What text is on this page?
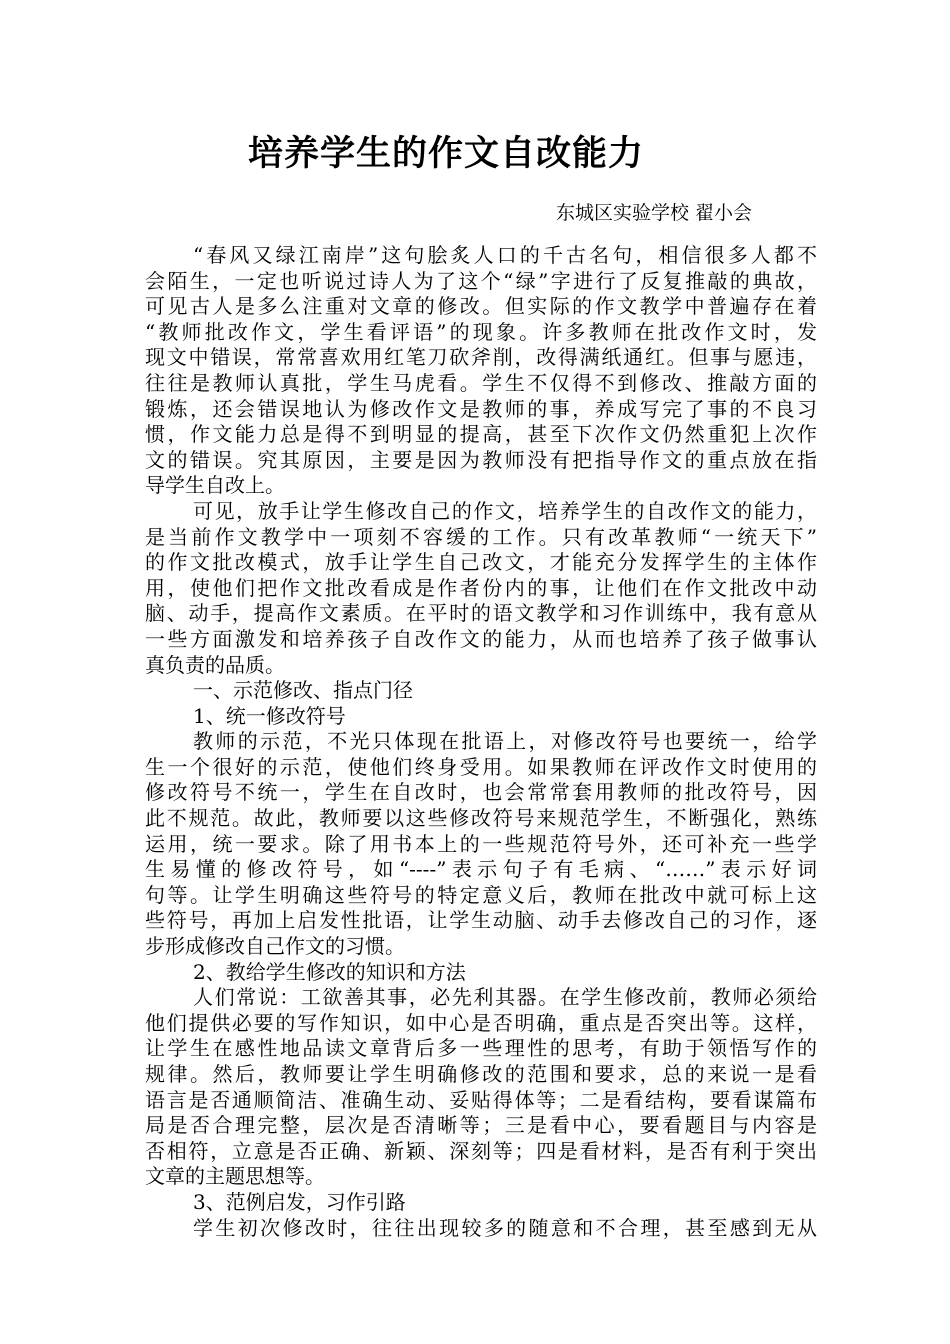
培养学生的作文自改能力

东城区实验学校 翟小会

“春风又绿江南岸”这句脍炙人口的千古名句，相信很多人都不
会陌生，一定也听说过诗人为了这个“绿”字进行了反复推敲的典故，
可见古人是多么注重对文章的修改。但实际的作文教学中普遍存在着
“教师批改作文，学生看评语”的现象。许多教师在批改作文时，发
现文中错误，常常喜欢用红笔刀砍斧削，改得满纸通红。但事与愿违，
往往是教师认真批，学生马虎看。学生不仅得不到修改、推敲方面的
锻炼，还会错误地认为修改作文是教师的事，养成写完了事的不良习
惯，作文能力总是得不到明显的提高，甚至下次作文仍然重犯上次作
文的错误。究其原因，主要是因为教师没有把指导作文的重点放在指
导学生自改上。
可见，放手让学生修改自己的作文，培养学生的自改作文的能力，
是当前作文教学中一项刻不容缓的工作。只有改革教师“一统天下”
的作文批改模式，放手让学生自己改文，才能充分发挥学生的主体作
用，使他们把作文批改看成是作者份内的事，让他们在作文批改中动
脑、动手，提高作文素质。在平时的语文教学和习作训练中，我有意从
一些方面激发和培养孩子自改作文的能力，从而也培养了孩子做事认
真负责的品质。
一、示范修改、指点门径
1、统一修改符号
教师的示范，不光只体现在批语上，对修改符号也要统一，给学
生一个很好的示范，使他们终身受用。如果教师在评改作文时使用的
修改符号不统一，学生在自改时，也会常常套用教师的批改符号，因
此不规范。故此，教师要以这些修改符号来规范学生，不断强化，熟练
运用，统一要求。除了用书本上的一些规范符号外，还可补充一些学
生易懂的修改符号，如“----”表示句子有毛病、“……”表示好词
句等。让学生明确这些符号的特定意义后，教师在批改中就可标上这
些符号，再加上启发性批语，让学生动脑、动手去修改自己的习作，逐
步形成修改自己作文的习惯。
2、教给学生修改的知识和方法
人们常说：工欲善其事，必先利其器。在学生修改前，教师必须给
他们提供必要的写作知识，如中心是否明确，重点是否突出等。这样，
让学生在感性地品读文章背后多一些理性的思考，有助于领悟写作的
规律。然后，教师要让学生明确修改的范围和要求，总的来说一是看
语言是否通顺简洁、准确生动、妥贴得体等；二是看结构，要看谋篇布
局是否合理完整，层次是否清晰等；三是看中心，要看题目与内容是
否相符，立意是否正确、新颖、深刻等；四是看材料，是否有利于突出
文章的主题思想等。
3、范例启发，习作引路
学生初次修改时，往往出现较多的随意和不合理，甚至感到无从
